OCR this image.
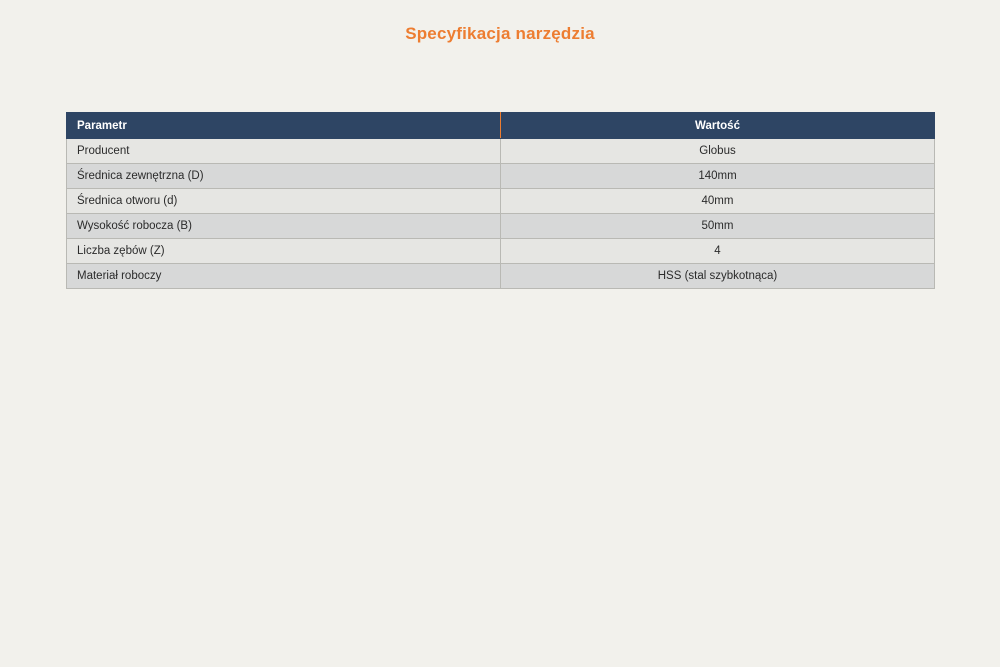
Specyfikacja narzędzia
Parametr	Wartość
Producent	Globus
Średnica zewnętrzna (D)	140mm
Średnica otworu (d)	40mm
Wysokość robocza (B)	50mm
Liczba zębów (Z)	4
Materiał roboczy	HSS (stal szybkotnąca)
